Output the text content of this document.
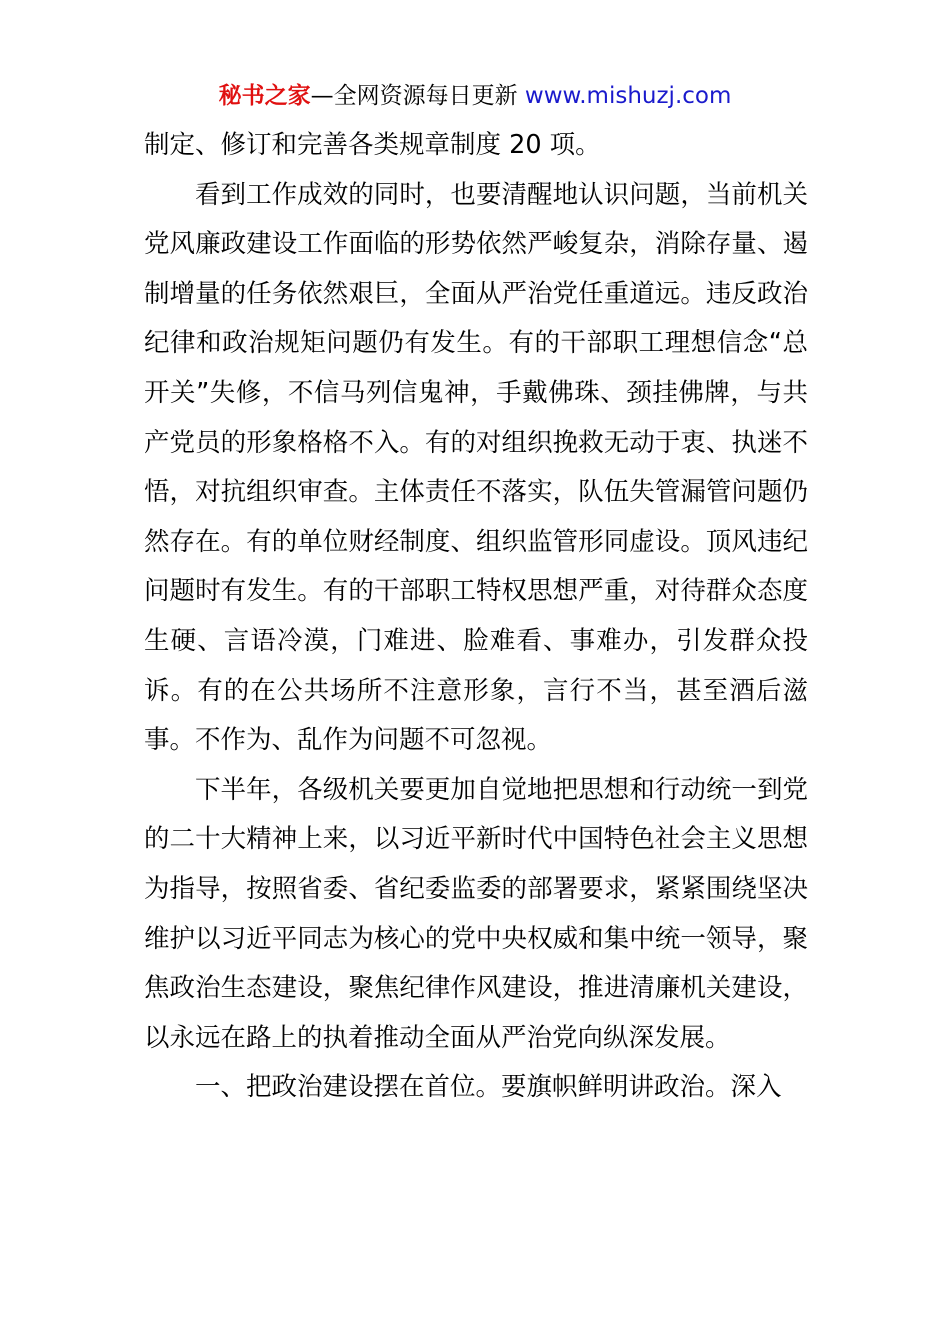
秘书之家—全网资源每日更新 www.mishuzj.com

制定、修订和完善各类规章制度 20 项。

看到工作成效的同时，也要清醒地认识问题，当前机关党风廉政建设工作面临的形势依然严峻复杂，消除存量、遏制增量的任务依然艰巨，全面从严治党任重道远。违反政治纪律和政治规矩问题仍有发生。有的干部职工理想信念“总开关”失修，不信马列信鬼神，手戴佛珠、颈挂佛牌，与共产党员的形象格格不入。有的对组织挽救无动于衷、执迷不悟，对抗组织审查。主体责任不落实，队伍失管漏管问题仍然存在。有的单位财经制度、组织监管形同虚设。顶风违纪问题时有发生。有的干部职工特权思想严重，对待群众态度生硬、言语冷漠，门难进、脸难看、事难办，引发群众投诉。有的在公共场所不注意形象，言行不当，甚至酒后滋事。不作为、乱作为问题不可忽视。

下半年，各级机关要更加自觉地把思想和行动统一到党的二十大精神上来，以习近平新时代中国特色社会主义思想为指导，按照省委、省纪委监委的部署要求，紧紧围绕坚决维护以习近平同志为核心的党中央权威和集中统一领导，聚焦政治生态建设，聚焦纪律作风建设，推进清廉机关建设，以永远在路上的执着推动全面从严治党向纵深发展。

一、把政治建设摆在首位。要旗帜鲜明讲政治。深入
